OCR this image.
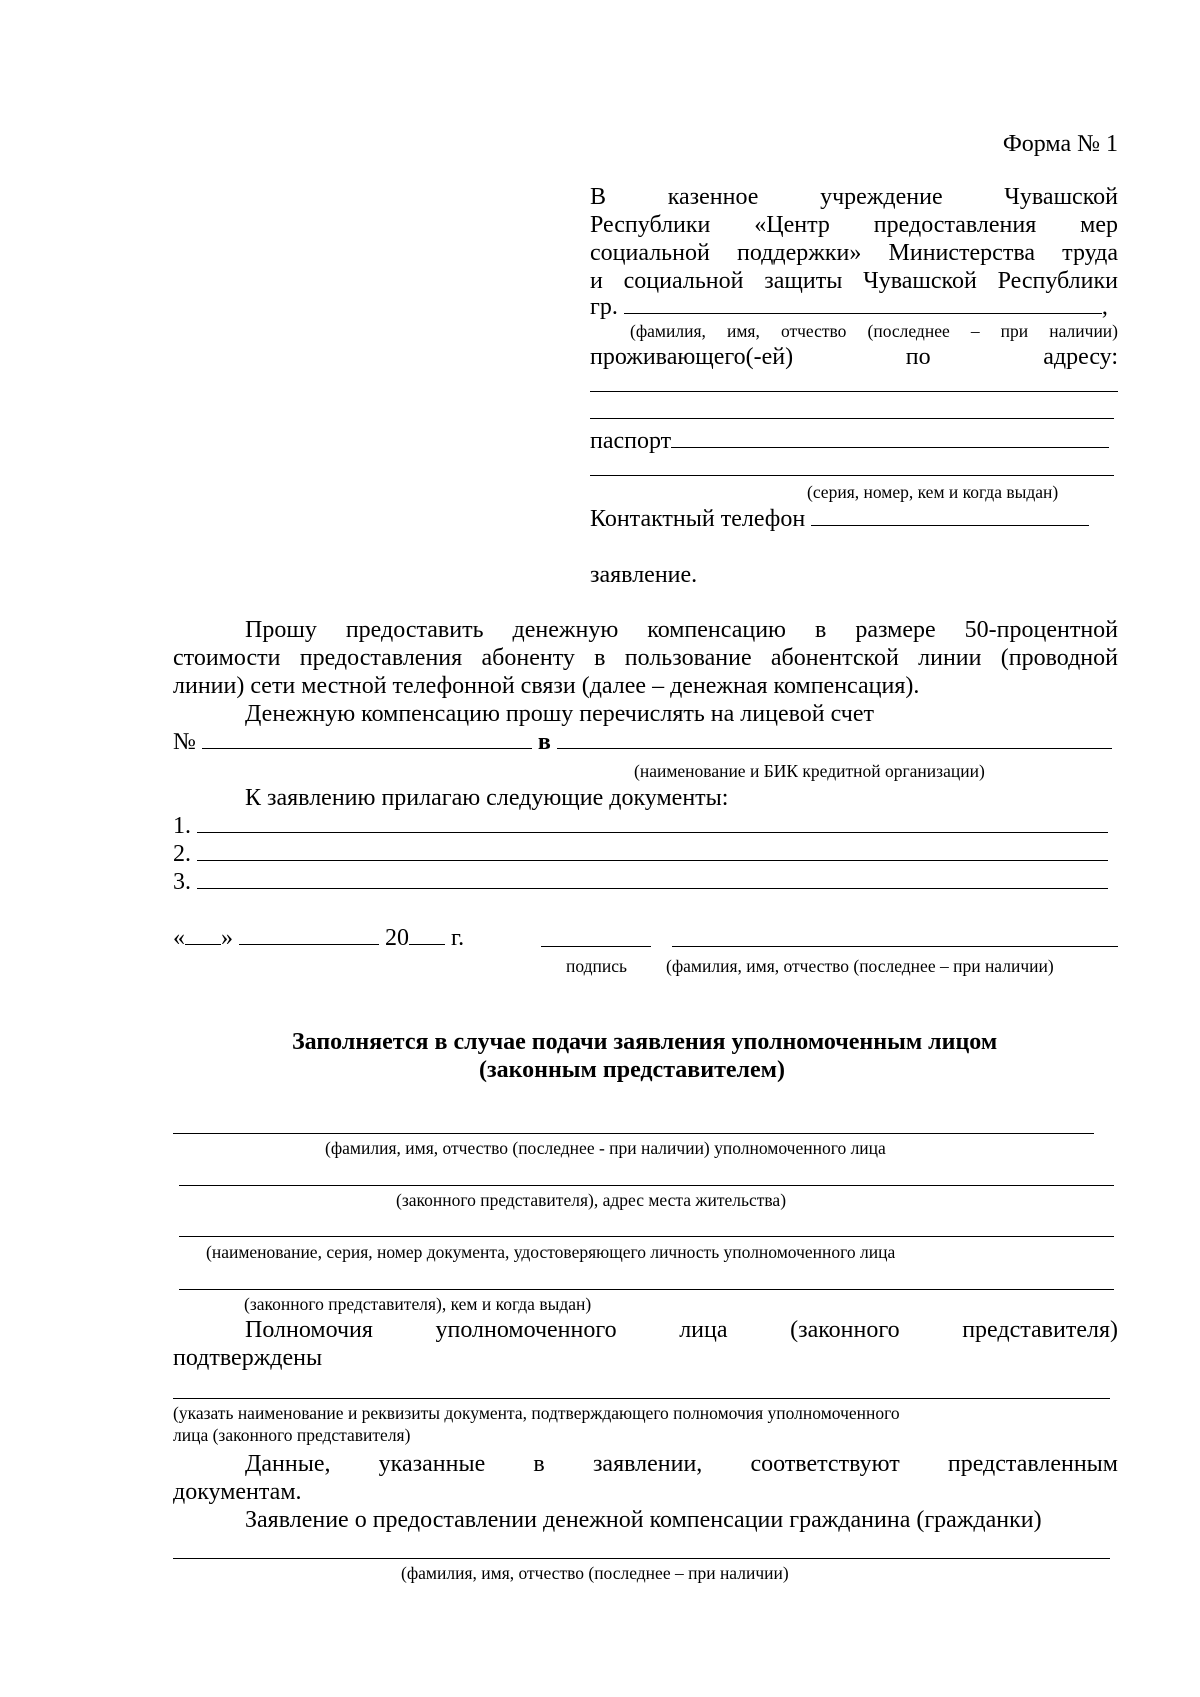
Форма № 1
В казенное учреждение Чувашской
Республики «Центр предоставления мер
социальной поддержки» Министерства труда
и социальной защиты Чувашской Республики
гр.	,
(фамилия, имя, отчество (последнее – при наличии)
проживающего(-ей) по адресу:
паспорт
(серия, номер, кем и когда выдан)
Контактный телефон
заявление.
Прошу предоставить денежную компенсацию в размере 50-процентной
стоимости предоставления абоненту в пользование абонентской линии (проводной
линии) сети местной телефонной связи (далее – денежная компенсация).
Денежную компенсацию прошу перечислять на лицевой счет
№	в
(наименование и БИК кредитной организации)
К заявлению прилагаю следующие документы:
1.
2.
3.
« »	20 г.
подпись (фамилия, имя, отчество (последнее – при наличии)
Заполняется в случае подачи заявления уполномоченным лицом
(законным представителем)
(фамилия, имя, отчество (последнее - при наличии) уполномоченного лица
(законного представителя), адрес места жительства)
(наименование, серия, номер документа, удостоверяющего личность уполномоченного лица
(законного представителя), кем и когда выдан)
Полномочия уполномоченного лица (законного представителя)
подтверждены
(указать наименование и реквизиты документа, подтверждающего полномочия уполномоченного
лица (законного представителя)
Данные, указанные в заявлении, соответствуют представленным
документам.
Заявление о предоставлении денежной компенсации гражданина (гражданки)
(фамилия, имя, отчество (последнее – при наличии)
